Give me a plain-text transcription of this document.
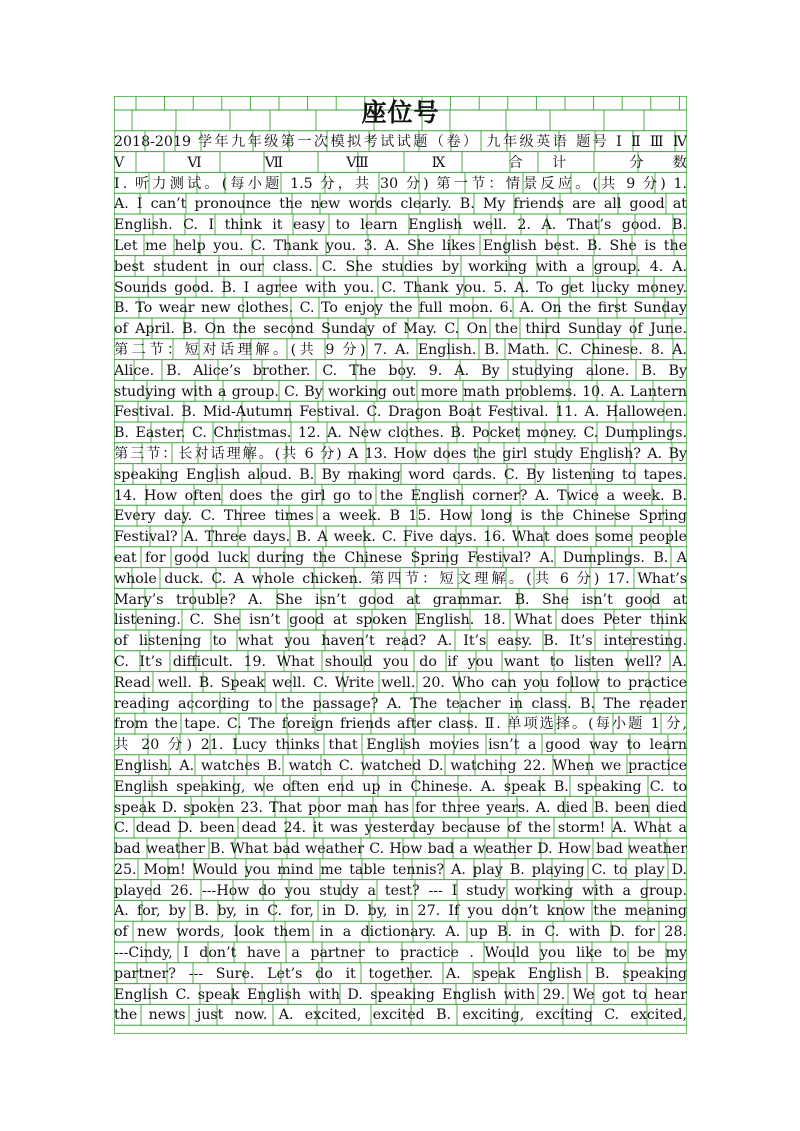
座位号
2018-2019 学年九年级第一次模拟考试试题（卷） 九年级英语 题号 Ⅰ Ⅱ Ⅲ Ⅳ
Ⅴ Ⅵ Ⅶ Ⅷ Ⅸ 合计 分数
Ⅰ. 听力测试。(每小题 1.5 分，共 30 分) 第一节：情景反应。(共 9 分) 1.
A. I can’t pronounce the new words clearly. B. My friends are all good at
English. C. I think it easy to learn English well. 2. A. That’s good. B.
Let me help you. C. Thank you. 3. A. She likes English best. B. She is the
best student in our class. C. She studies by working with a group. 4. A.
Sounds good. B. I agree with you. C. Thank you. 5. A. To get lucky money.
B. To wear new clothes. C. To enjoy the full moon. 6. A. On the first Sunday
of April. B. On the second Sunday of May. C. On the third Sunday of June.
第二节：短对话理解。(共 9 分) 7. A. English. B. Math. C. Chinese. 8. A.
Alice. B. Alice’s brother. C. The boy. 9. A. By studying alone. B. By
studying with a group. C. By working out more math problems. 10. A. Lantern
Festival. B. Mid-Autumn Festival. C. Dragon Boat Festival. 11. A. Halloween.
B. Easter. C. Christmas. 12. A. New clothes. B. Pocket money. C. Dumplings.
第三节：长对话理解。(共 6 分) A 13. How does the girl study English? A. By
speaking English aloud. B. By making word cards. C. By listening to tapes.
14. How often does the girl go to the English corner? A. Twice a week. B.
Every day. C. Three times a week. B 15. How long is the Chinese Spring
Festival? A. Three days. B. A week. C. Five days. 16. What does some people
eat for good luck during the Chinese Spring Festival? A. Dumplings. B. A
whole duck. C. A whole chicken. 第四节：短文理解。(共 6 分) 17. What’s
Mary’s trouble? A. She isn’t good at grammar. B. She isn’t good at
listening. C. She isn’t good at spoken English. 18. What does Peter think
of listening to what you haven’t read? A. It’s easy. B. It’s interesting.
C. It’s difficult. 19. What should you do if you want to listen well? A.
Read well. B. Speak well. C. Write well. 20. Who can you follow to practice
reading according to the passage? A. The teacher in class. B. The reader
from the tape. C. The foreign friends after class. Ⅱ. 单项选择。(每小题 1 分,
共 20 分) 21. Lucy thinks that English movies isn’t a good way to learn
English. A. watches B. watch C. watched D. watching 22. When we practice
English speaking, we often end up in Chinese. A. speak B. speaking C. to
speak D. spoken 23. That poor man has for three years. A. died B. been died
C. dead D. been dead 24. it was yesterday because of the storm! A. What a
bad weather B. What bad weather C. How bad a weather D. How bad weather
25. Mom! Would you mind me table tennis? A. play B. playing C. to play D.
played 26. ---How do you study a test? --- I study working with a group.
A. for, by B. by, in C. for, in D. by, in 27. If you don’t know the meaning
of new words, look them in a dictionary. A. up B. in C. with D. for 28.
---Cindy, I don’t have a partner to practice . Would you like to be my
partner? --- Sure. Let’s do it together. A. speak English B. speaking
English C. speak English with D. speaking English with 29. We got to hear
the news just now. A. excited, excited B. exciting, exciting C. excited,
